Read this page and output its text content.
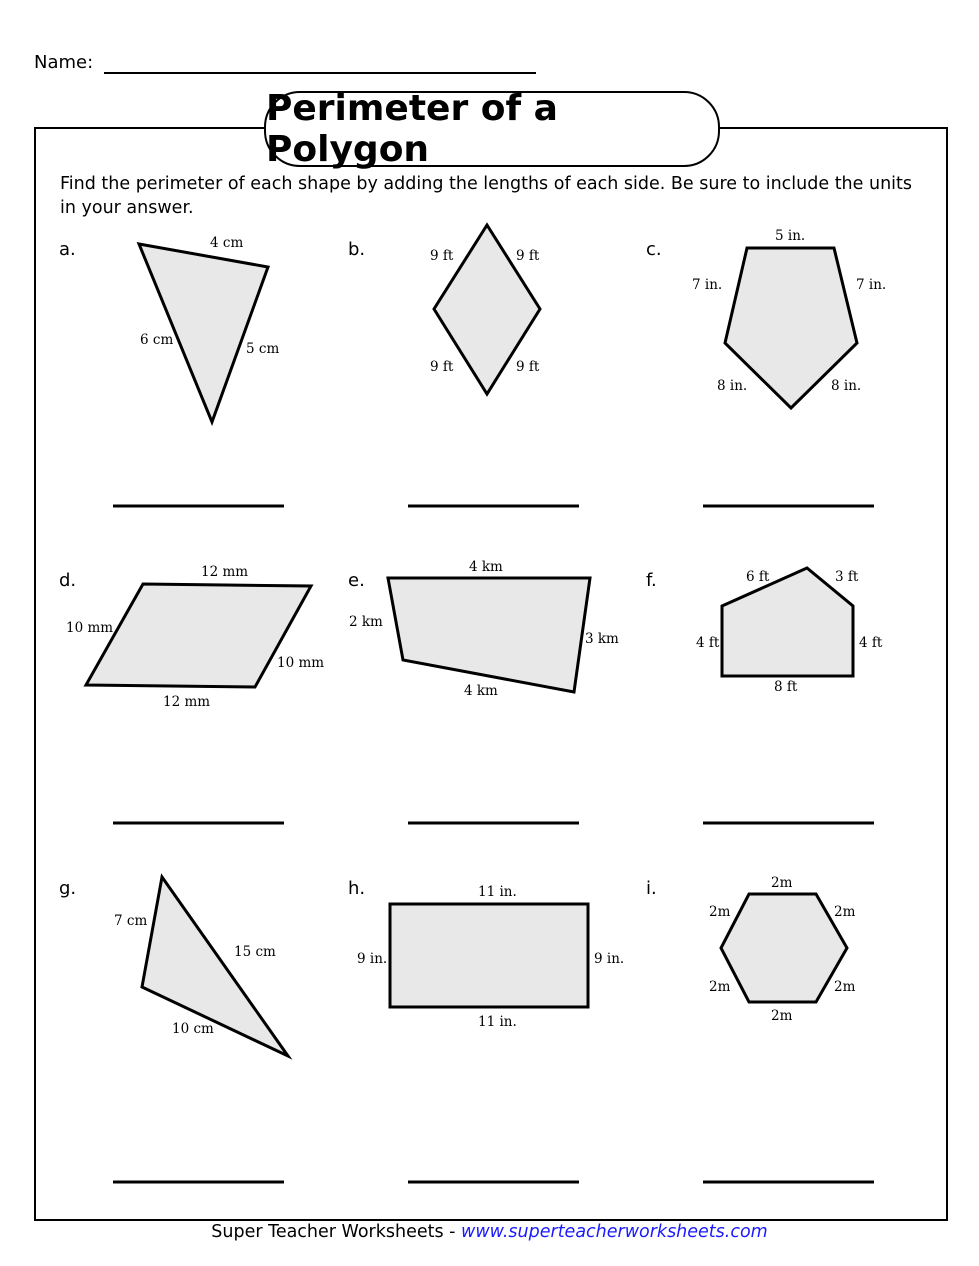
Name:
Perimeter of a Polygon
Find the perimeter of each shape by adding the lengths of each side. Be sure to include the units in your answer.
a.	4 cm
6 cm
5 cm
b.	9 ft	9 ft
9 ft	9 ft
c.
5 in.
7 in.	7 in.
8 in.	8 in.
d.	12 mm
10 mm
10 mm
12 mm
e.
4 km
2 km
3 km
4 km
f.	6 ft	3 ft
4 ft	4 ft
8 ft
g.
7 cm
15 cm
10 cm
h.	11 in.
9 in.	9 in.
11 in.
i.	2m
2m	2m
2m	2m
2m
Super Teacher Worksheets - www.superteacherworksheets.com
